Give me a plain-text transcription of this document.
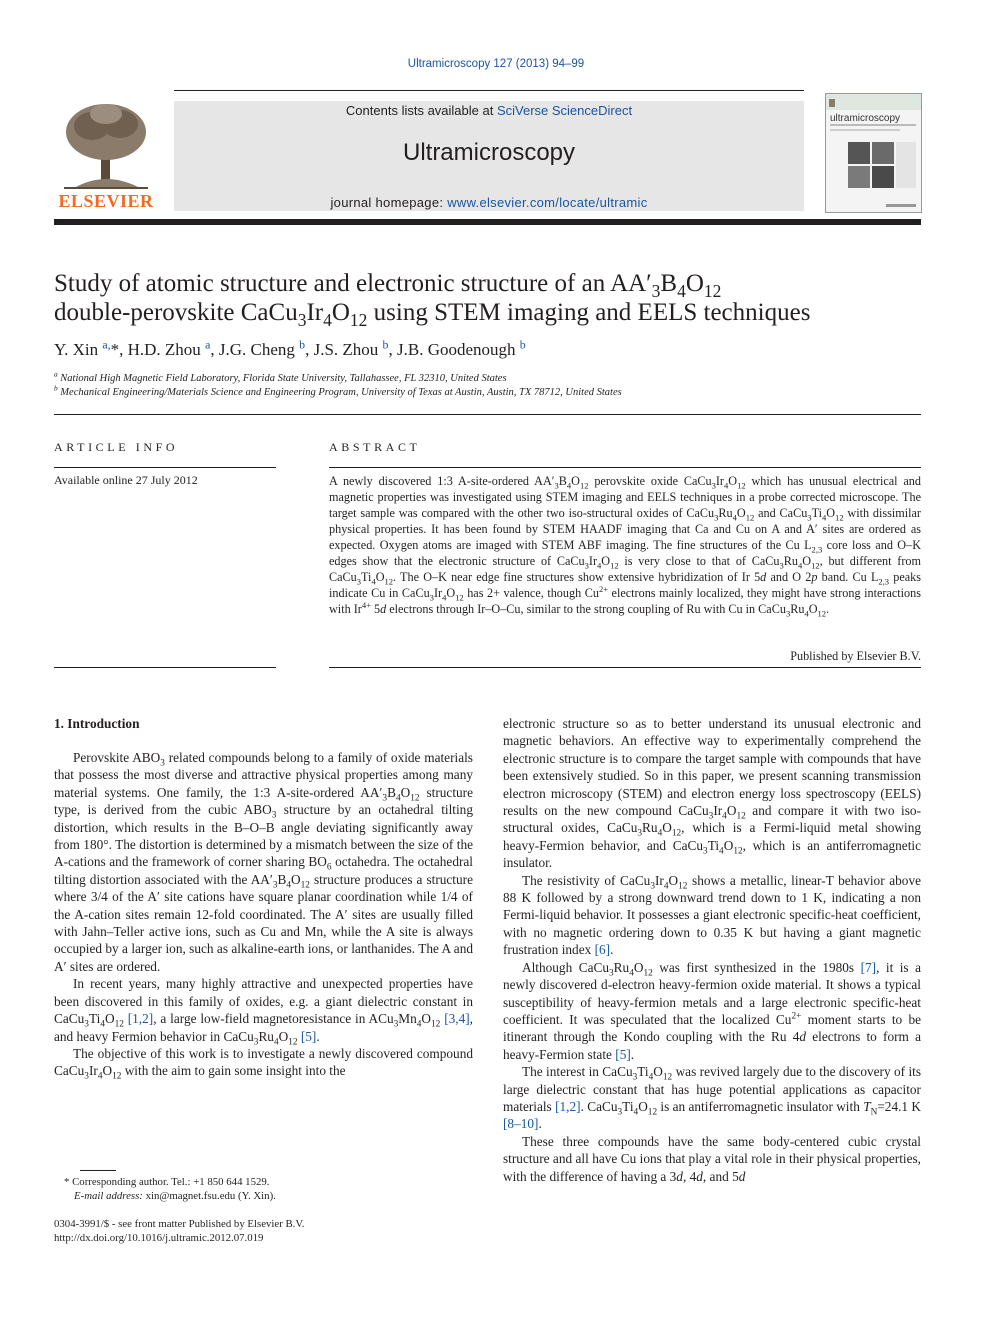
Ultramicroscopy 127 (2013) 94–99
ELSEVIER
Contents lists available at SciVerse ScienceDirect
Ultramicroscopy
journal homepage: www.elsevier.com/locate/ultramic
ultramicroscopy
Study of atomic structure and electronic structure of an $AA'_3B_4O_{12}$
double-perovskite $CaCu_3Ir_4O_{12}$ using STEM imaging and EELS techniques
Y. Xin $^{a,}$*, H.D. Zhou $^a$, J.G. Cheng $^b$, J.S. Zhou $^b$, J.B. Goodenough $^b$
$^a$ National High Magnetic Field Laboratory, Florida State University, Tallahassee, FL 32310, United States
$^b$ Mechanical Engineering/Materials Science and Engineering Program, University of Texas at Austin, Austin, TX 78712, United States
ARTICLE INFO
Available online 27 July 2012
ABSTRACT
A newly discovered 1:3 A-site-ordered $AA'_3B_4O_{12}$ perovskite oxide $CaCu_3Ir_4O_{12}$ which has unusual electrical and magnetic properties was investigated using STEM imaging and EELS techniques in a probe corrected microscope. The target sample was compared with the other two iso-structural oxides of $CaCu_3Ru_4O_{12}$ and $CaCu_3Ti_4O_{12}$ with dissimilar physical properties. It has been found by STEM HAADF imaging that Ca and Cu on A and A′ sites are ordered as expected. Oxygen atoms are imaged with STEM ABF imaging. The fine structures of the Cu $L_{2,3}$ core loss and O–K edges show that the electronic structure of $CaCu_3Ir_4O_{12}$ is very close to that of $CaCu_3Ru_4O_{12}$, but different from $CaCu_3Ti_4O_{12}$. The O–K near edge fine structures show extensive hybridization of Ir 5d and O 2p band. Cu $L_{2,3}$ peaks indicate Cu in $CaCu_3Ir_4O_{12}$ has 2+ valence, though $Cu^{2+}$ electrons mainly localized, they might have strong interactions with $Ir^{4+}$ 5d electrons through Ir–O–Cu, similar to the strong coupling of Ru with Cu in $CaCu_3Ru_4O_{12}$.
Published by Elsevier B.V.
1. Introduction

Perovskite $ABO_3$ related compounds belong to a family of oxide materials that possess the most diverse and attractive physical properties among many material systems. One family, the 1:3 A-site-ordered $AA'_3B_4O_{12}$ structure type, is derived from the cubic $ABO_3$ structure by an octahedral tilting distortion, which results in the B–O–B angle deviating significantly away from 180°. The distortion is determined by a mismatch between the size of the A-cations and the framework of corner sharing $BO_6$ octahedra. The octahedral tilting distortion associated with the $AA'_3B_4O_{12}$ structure produces a structure where 3/4 of the A′ site cations have square planar coordination while 1/4 of the A-cation sites remain 12-fold coordinated. The A′ sites are usually filled with Jahn–Teller active ions, such as Cu and Mn, while the A site is always occupied by a larger ion, such as alkaline-earth ions, or lanthanides. The A and A′ sites are ordered.

In recent years, many highly attractive and unexpected properties have been discovered in this family of oxides, e.g. a giant dielectric constant in $CaCu_3Ti_4O_{12}$ [1,2], a large low-field magnetoresistance in $ACu_3Mn_4O_{12}$ [3,4], and heavy Fermion behavior in $CaCu_3Ru_4O_{12}$ [5].

The objective of this work is to investigate a newly discovered compound $CaCu_3Ir_4O_{12}$ with the aim to gain some insight into the

electronic structure so as to better understand its unusual electronic and magnetic behaviors. An effective way to experimentally comprehend the electronic structure is to compare the target sample with compounds that have been extensively studied. So in this paper, we present scanning transmission electron microscopy (STEM) and electron energy loss spectroscopy (EELS) results on the new compound $CaCu_3Ir_4O_{12}$ and compare it with two iso-structural oxides, $CaCu_3Ru_4O_{12}$, which is a Fermi-liquid metal showing heavy-Fermion behavior, and $CaCu_3Ti_4O_{12}$, which is an antiferromagnetic insulator.

The resistivity of $CaCu_3Ir_4O_{12}$ shows a metallic, linear-T behavior above 88 K followed by a strong downward trend down to 1 K, indicating a non Fermi-liquid behavior. It possesses a giant electronic specific-heat coefficient, with no magnetic ordering down to 0.35 K but having a giant magnetic frustration index [6].

Although $CaCu_3Ru_4O_{12}$ was first synthesized in the 1980s [7], it is a newly discovered d-electron heavy-fermion oxide material. It shows a typical susceptibility of heavy-fermion metals and a large electronic specific-heat coefficient. It was speculated that the localized $Cu^{2+}$ moment starts to be itinerant through the Kondo coupling with the Ru 4d electrons to form a heavy-Fermion state [5].

The interest in $CaCu_3Ti_4O_{12}$ was revived largely due to the discovery of its large dielectric constant that has huge potential applications as capacitor materials [1,2]. $CaCu_3Ti_4O_{12}$ is an antiferromagnetic insulator with $T_N=24.1$ K [8–10].

These three compounds have the same body-centered cubic crystal structure and all have Cu ions that play a vital role in their physical properties, with the difference of having a 3d, 4d, and 5d

* Corresponding author. Tel.: +1 850 644 1529.
E-mail address: xin@magnet.fsu.edu (Y. Xin).
0304-3991/$ - see front matter Published by Elsevier B.V.
http://dx.doi.org/10.1016/j.ultramic.2012.07.019
